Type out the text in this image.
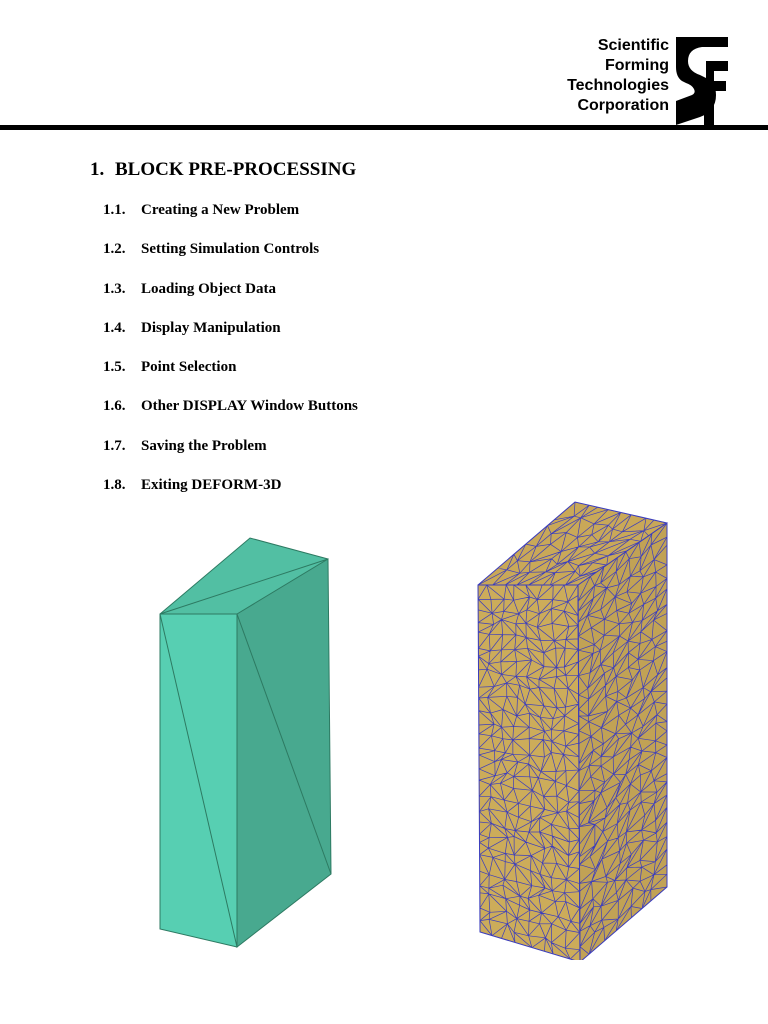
Scientific
Forming
Technologies
Corporation
1. BLOCK PRE-PROCESSING
1.1.	Creating a New Problem
1.2.	Setting Simulation Controls
1.3.	Loading Object Data
1.4.	Display Manipulation
1.5.	Point Selection
1.6.	Other DISPLAY Window Buttons
1.7.	Saving the Problem
1.8.	Exiting DEFORM-3D
